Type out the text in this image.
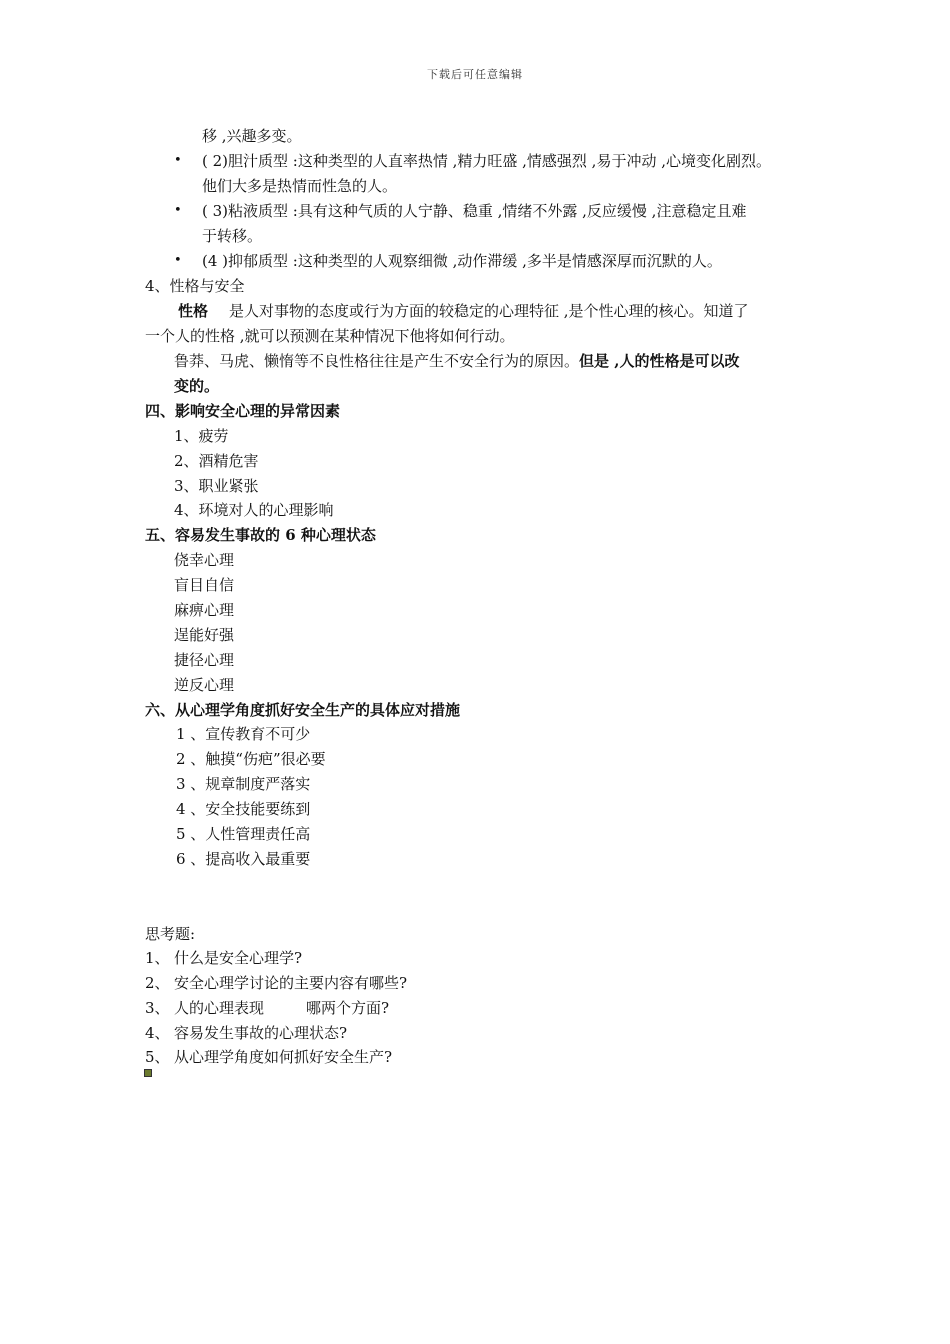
下载后可任意编辑
移 ,兴趣多变。
• ( 2)胆汁质型 :这种类型的人直率热情 ,精力旺盛 ,情感强烈 ,易于冲动 ,心境变化剧烈。
他们大多是热情而性急的人。
• ( 3)粘液质型 :具有这种气质的人宁静、稳重 ,情绪不外露 ,反应缓慢 ,注意稳定且难
于转移。
• (4 )抑郁质型 :这种类型的人观察细微 ,动作滞缓 ,多半是情感深厚而沉默的人。
4、性格与安全
性格 是人对事物的态度或行为方面的较稳定的心理特征 ,是个性心理的核心。知道了
一个人的性格 ,就可以预测在某种情况下他将如何行动。
鲁莽、马虎、懒惰等不良性格往往是产生不安全行为的原因。但是 ,人的性格是可以改
变的。
四、影响安全心理的异常因素
1、疲劳
2、酒精危害
3、职业紧张
4、环境对人的心理影响
五、容易发生事故的 6 种心理状态
侥幸心理
盲目自信
麻痹心理
逞能好强
捷径心理
逆反心理
六、从心理学角度抓好安全生产的具体应对措施
1 、宣传教育不可少
2 、触摸“伤疤”很必要
3 、规章制度严落实
4 、安全技能要练到
5 、人性管理责任高
6 、提高收入最重要
思考题:
1、 什么是安全心理学?
2、 安全心理学讨论的主要内容有哪些?
3、 人的心理表现	哪两个方面?
4、 容易发生事故的心理状态?
5、 从心理学角度如何抓好安全生产?
